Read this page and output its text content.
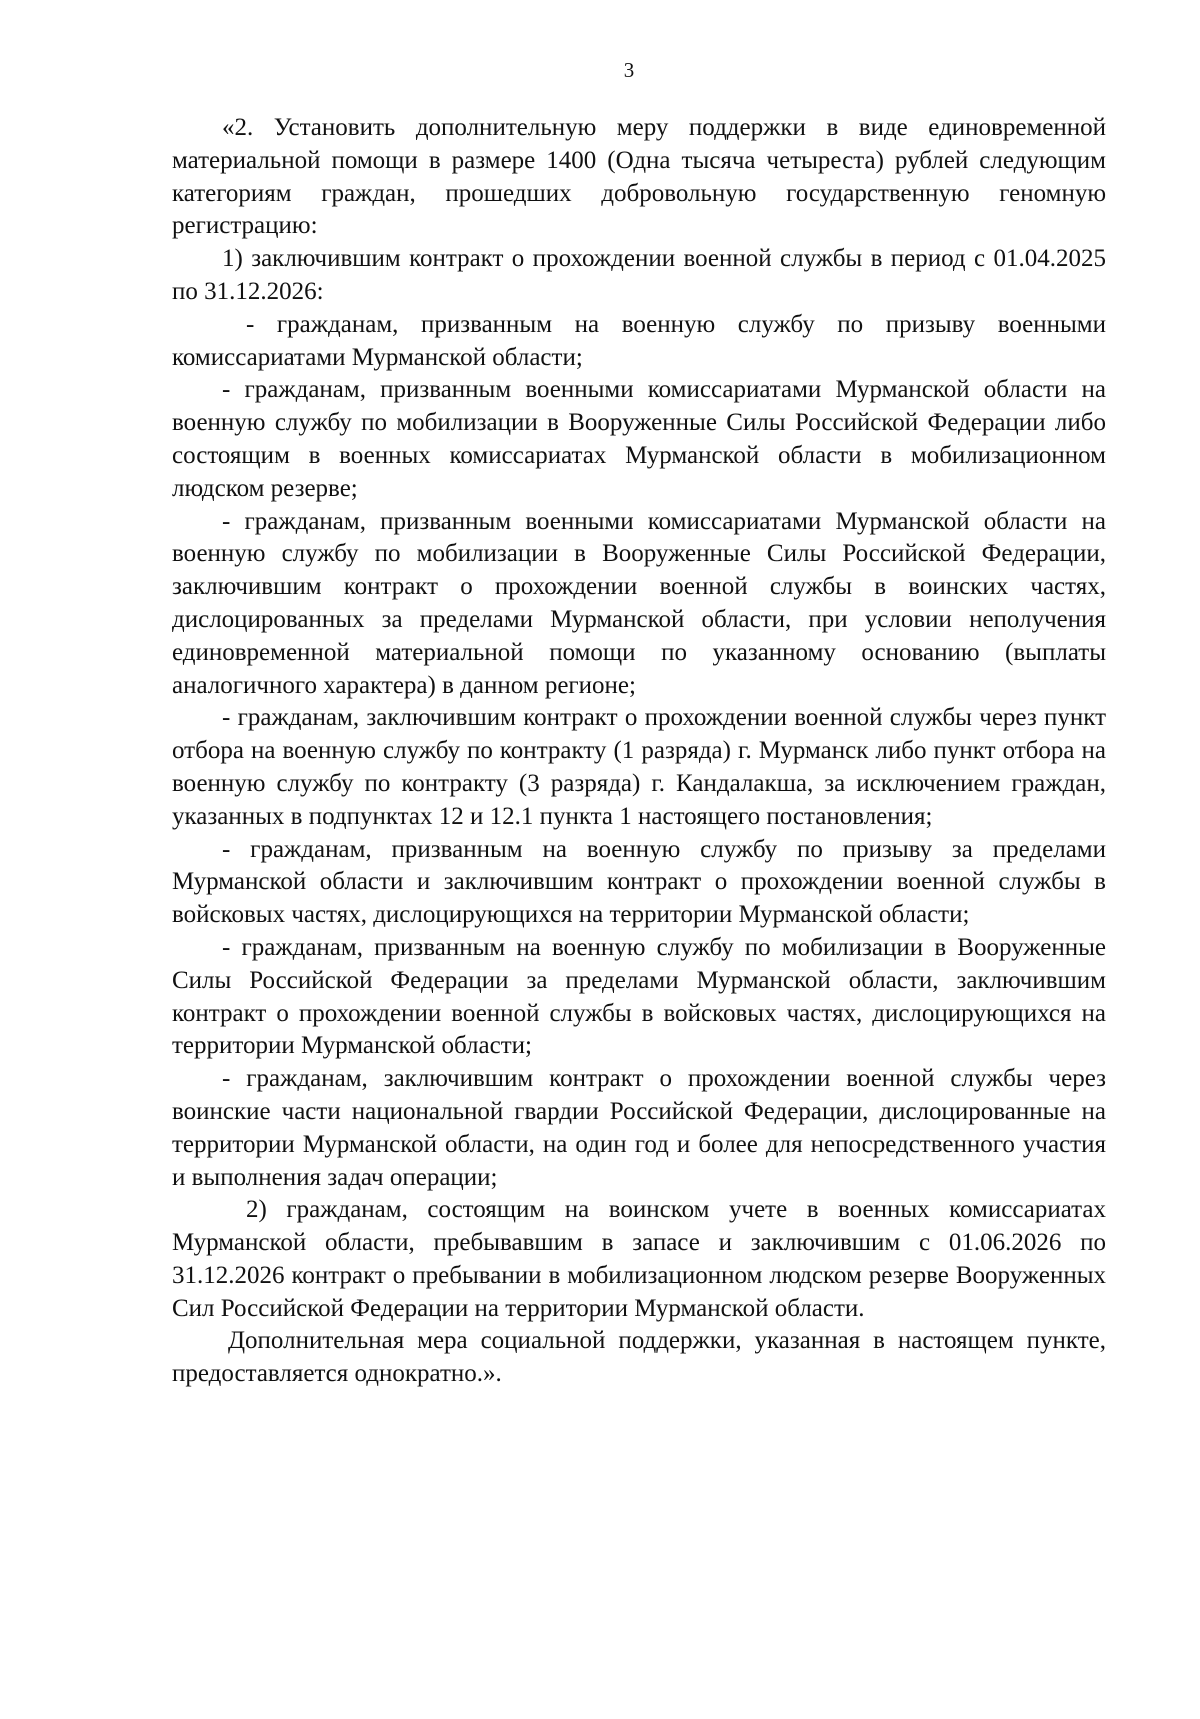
3

«2. Установить дополнительную меру поддержки в виде единовременной материальной помощи в размере 1400 (Одна тысяча четыреста) рублей следующим категориям граждан, прошедших добровольную государственную геномную регистрацию:

1) заключившим контракт о прохождении военной службы в период с 01.04.2025 по 31.12.2026:

- гражданам, призванным на военную службу по призыву военными комиссариатами Мурманской области;

- гражданам, призванным военными комиссариатами Мурманской области на военную службу по мобилизации в Вооруженные Силы Российской Федерации либо состоящим в военных комиссариатах Мурманской области в мобилизационном людском резерве;

- гражданам, призванным военными комиссариатами Мурманской области на военную службу по мобилизации в Вооруженные Силы Российской Федерации, заключившим контракт о прохождении военной службы в воинских частях, дислоцированных за пределами Мурманской области, при условии неполучения единовременной материальной помощи по указанному основанию (выплаты аналогичного характера) в данном регионе;

- гражданам, заключившим контракт о прохождении военной службы через пункт отбора на военную службу по контракту (1 разряда) г. Мурманск либо пункт отбора на военную службу по контракту (3 разряда) г. Кандалакша, за исключением граждан, указанных в подпунктах 12 и 12.1 пункта 1 настоящего постановления;

- гражданам, призванным на военную службу по призыву за пределами Мурманской области и заключившим контракт о прохождении военной службы в войсковых частях, дислоцирующихся на территории Мурманской области;

- гражданам, призванным на военную службу по мобилизации в Вооруженные Силы Российской Федерации за пределами Мурманской области, заключившим контракт о прохождении военной службы в войсковых частях, дислоцирующихся на территории Мурманской области;

- гражданам, заключившим контракт о прохождении военной службы через воинские части национальной гвардии Российской Федерации, дислоцированные на территории Мурманской области, на один год и более для непосредственного участия и выполнения задач операции;

2) гражданам, состоящим на воинском учете в военных комиссариатах Мурманской области, пребывавшим в запасе и заключившим с 01.06.2026 по 31.12.2026 контракт о пребывании в мобилизационном людском резерве Вооруженных Сил Российской Федерации на территории Мурманской области.

Дополнительная мера социальной поддержки, указанная в настоящем пункте, предоставляется однократно.».
